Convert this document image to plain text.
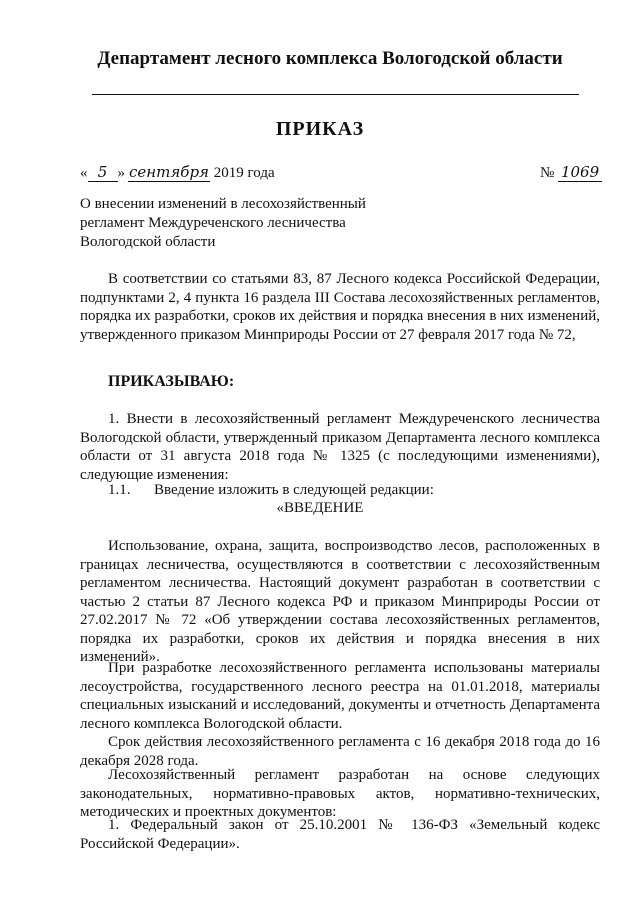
Департамент лесного комплекса Вологодской области
ПРИКАЗ
« 5 » сентября 2019 года	№ 1069
О внесении изменений в лесохозяйственный
регламент Междуреченского лесничества
Вологодской области

В соответствии со статьями 83, 87 Лесного кодекса Российской Федерации, подпунктами 2, 4 пункта 16 раздела III Состава лесохозяйственных регламентов, порядка их разработки, сроков их действия и порядка внесения в них изменений, утвержденного приказом Минприроды России от 27 февраля 2017 года № 72,

ПРИКАЗЫВАЮ:

1. Внести в лесохозяйственный регламент Междуреченского лесничества Вологодской области, утвержденный приказом Департамента лесного комплекса области от 31 августа 2018 года № 1325 (с последующими изменениями), следующие изменения:

1.1. Введение изложить в следующей редакции:
«ВВЕДЕНИЕ

Использование, охрана, защита, воспроизводство лесов, расположенных в границах лесничества, осуществляются в соответствии с лесохозяйственным регламентом лесничества. Настоящий документ разработан в соответствии с частью 2 статьи 87 Лесного кодекса РФ и приказом Минприроды России от 27.02.2017 № 72 «Об утверждении состава лесохозяйственных регламентов, порядка их разработки, сроков их действия и порядка внесения в них изменений».

При разработке лесохозяйственного регламента использованы материалы лесоустройства, государственного лесного реестра на 01.01.2018, материалы специальных изысканий и исследований, документы и отчетность Департамента лесного комплекса Вологодской области.

Срок действия лесохозяйственного регламента с 16 декабря 2018 года до 16 декабря 2028 года.

Лесохозяйственный регламент разработан на основе следующих законодательных, нормативно-правовых актов, нормативно-технических, методических и проектных документов:

1. Федеральный закон от 25.10.2001 № 136-ФЗ «Земельный кодекс Российской Федерации».
